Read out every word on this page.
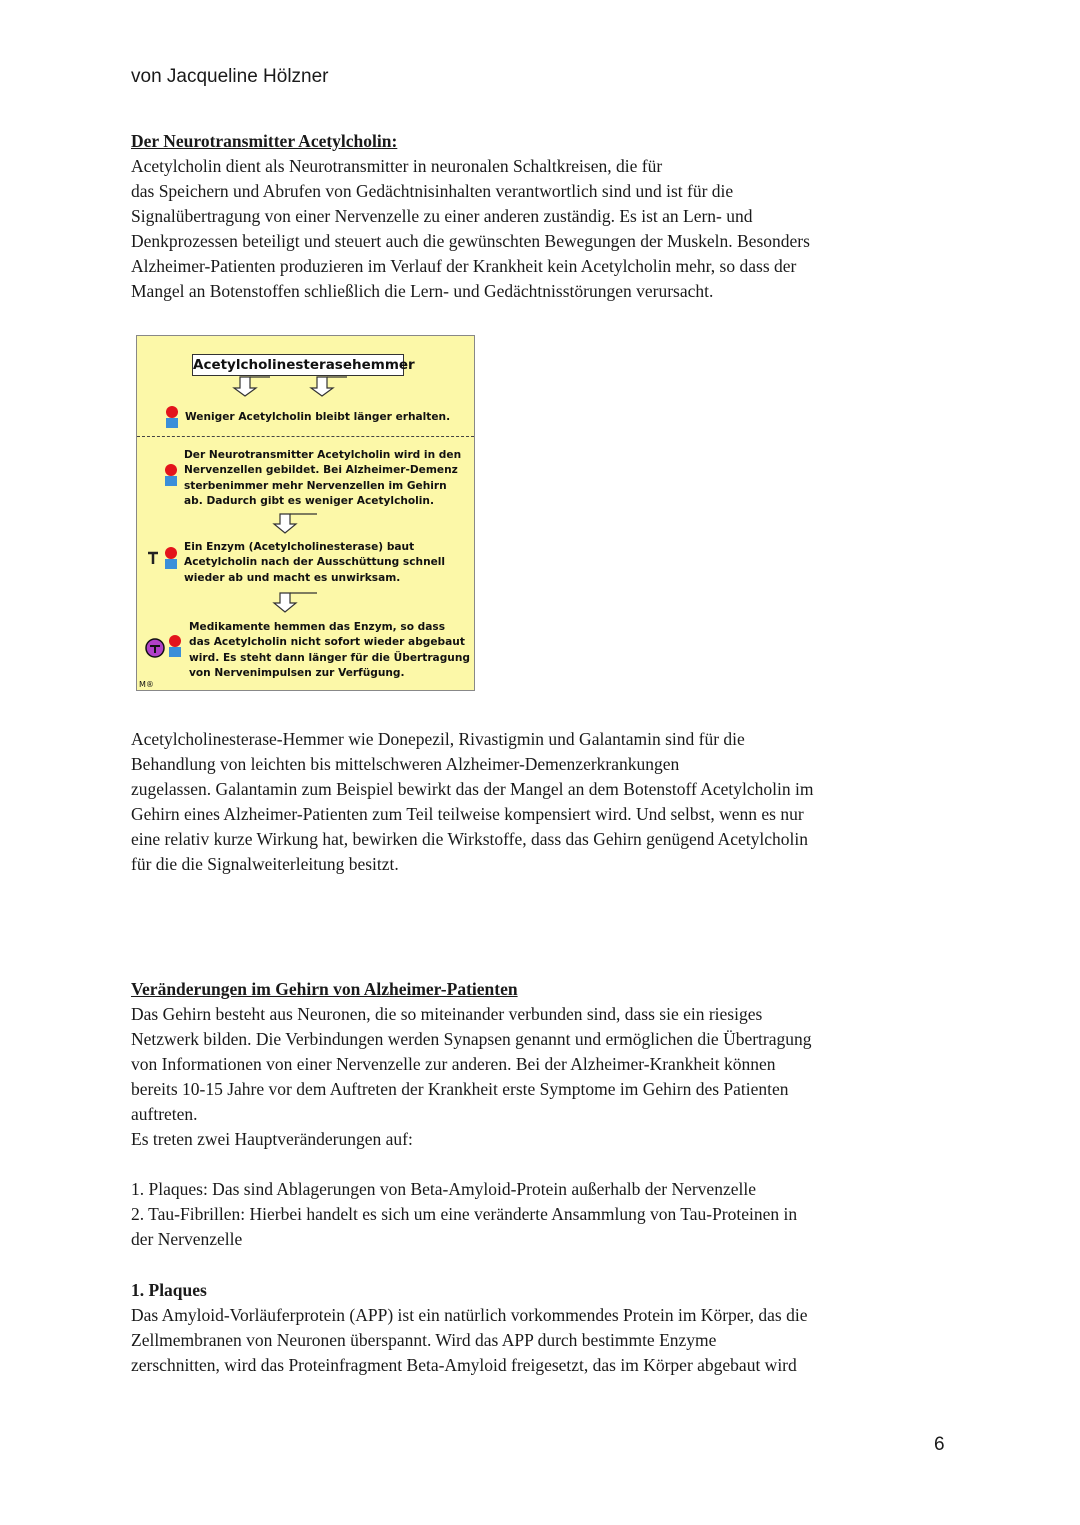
von Jacqueline Hölzner

Der Neurotransmitter Acetylcholin:

Acetylcholin dient als Neurotransmitter in neuronalen Schaltkreisen, die für
das Speichern und Abrufen von Gedächtnisinhalten verantwortlich sind und ist für die
Signalübertragung von einer Nervenzelle zu einer anderen zuständig. Es ist an Lern- und
Denkprozessen beteiligt und steuert auch die gewünschten Bewegungen der Muskeln. Besonders
Alzheimer-Patienten produzieren im Verlauf der Krankheit kein Acetylcholin mehr, so dass der
Mangel an Botenstoffen schließlich die Lern- und Gedächtnisstörungen verursacht.
Acetylcholinesterasehemmer
Weniger Acetylcholin bleibt länger erhalten.
Der Neurotransmitter Acetylcholin wird in den
Nervenzellen gebildet. Bei Alzheimer-Demenz
sterbenimmer mehr Nervenzellen im Gehirn
ab. Dadurch gibt es weniger Acetylcholin.
Ein Enzym (Acetylcholinesterase) baut
Acetylcholin nach der Ausschüttung schnell
wieder ab und macht es unwirksam.
Medikamente hemmen das Enzym, so dass
das Acetylcholin nicht sofort wieder abgebaut
wird. Es steht dann länger für die Übertragung
von Nervenimpulsen zur Verfügung.
M®
Acetylcholinesterase-Hemmer wie Donepezil, Rivastigmin und Galantamin sind für die
Behandlung von leichten bis mittelschweren Alzheimer-Demenzerkrankungen
zugelassen. Galantamin zum Beispiel bewirkt das der Mangel an dem Botenstoff Acetylcholin im
Gehirn eines Alzheimer-Patienten zum Teil teilweise kompensiert wird. Und selbst, wenn es nur
eine relativ kurze Wirkung hat, bewirken die Wirkstoffe, dass das Gehirn genügend Acetylcholin
für die die Signalweiterleitung besitzt.

Veränderungen im Gehirn von Alzheimer-Patienten

Das Gehirn besteht aus Neuronen, die so miteinander verbunden sind, dass sie ein riesiges
Netzwerk bilden. Die Verbindungen werden Synapsen genannt und ermöglichen die Übertragung
von Informationen von einer Nervenzelle zur anderen. Bei der Alzheimer-Krankheit können
bereits 10-15 Jahre vor dem Auftreten der Krankheit erste Symptome im Gehirn des Patienten
auftreten.
Es treten zwei Hauptveränderungen auf:
1. Plaques: Das sind Ablagerungen von Beta-Amyloid-Protein außerhalb der Nervenzelle
2. Tau-Fibrillen: Hierbei handelt es sich um eine veränderte Ansammlung von Tau-Proteinen in
der Nervenzelle

1. Plaques

Das Amyloid-Vorläuferprotein (APP) ist ein natürlich vorkommendes Protein im Körper, das die
Zellmembranen von Neuronen überspannt. Wird das APP durch bestimmte Enzyme
zerschnitten, wird das Proteinfragment Beta-Amyloid freigesetzt, das im Körper abgebaut wird
6
